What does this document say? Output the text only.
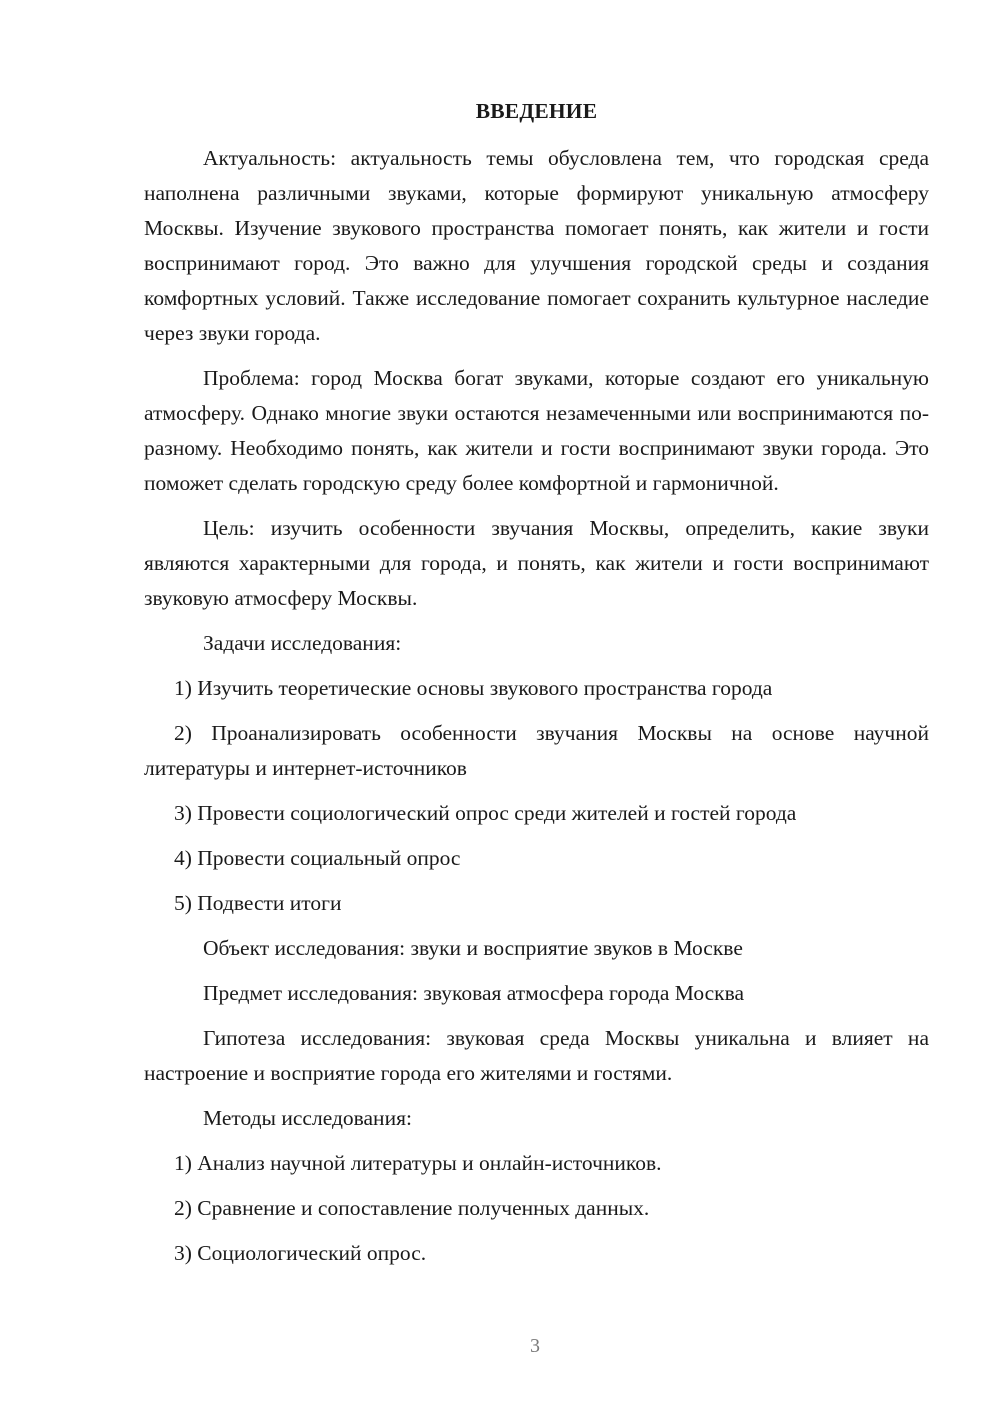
ВВЕДЕНИЕ

Актуальность: актуальность темы обусловлена тем, что городская среда наполнена различными звуками, которые формируют уникальную атмосферу Москвы. Изучение звукового пространства помогает понять, как жители и гости воспринимают город. Это важно для улучшения городской среды и создания комфортных условий. Также исследование помогает сохранить культурное наследие через звуки города.

Проблема: город Москва богат звуками, которые создают его уникальную атмосферу. Однако многие звуки остаются незамеченными или воспринимаются по-разному. Необходимо понять, как жители и гости воспринимают звуки города. Это поможет сделать городскую среду более комфортной и гармоничной.

Цель: изучить особенности звучания Москвы, определить, какие звуки являются характерными для города, и понять, как жители и гости воспринимают звуковую атмосферу Москвы.

Задачи исследования:

1) Изучить теоретические основы звукового пространства города

2) Проанализировать особенности звучания Москвы на основе научной литературы и интернет-источников

3) Провести социологический опрос среди жителей и гостей города

4) Провести социальный опрос

5) Подвести итоги

Объект исследования: звуки и восприятие звуков в Москве
Предмет исследования: звуковая атмосфера города Москва

Гипотеза исследования: звуковая среда Москвы уникальна и влияет на настроение и восприятие города его жителями и гостями.

Методы исследования:

1) Анализ научной литературы и онлайн-источников.

2) Сравнение и сопоставление полученных данных.

3) Социологический опрос.

3
